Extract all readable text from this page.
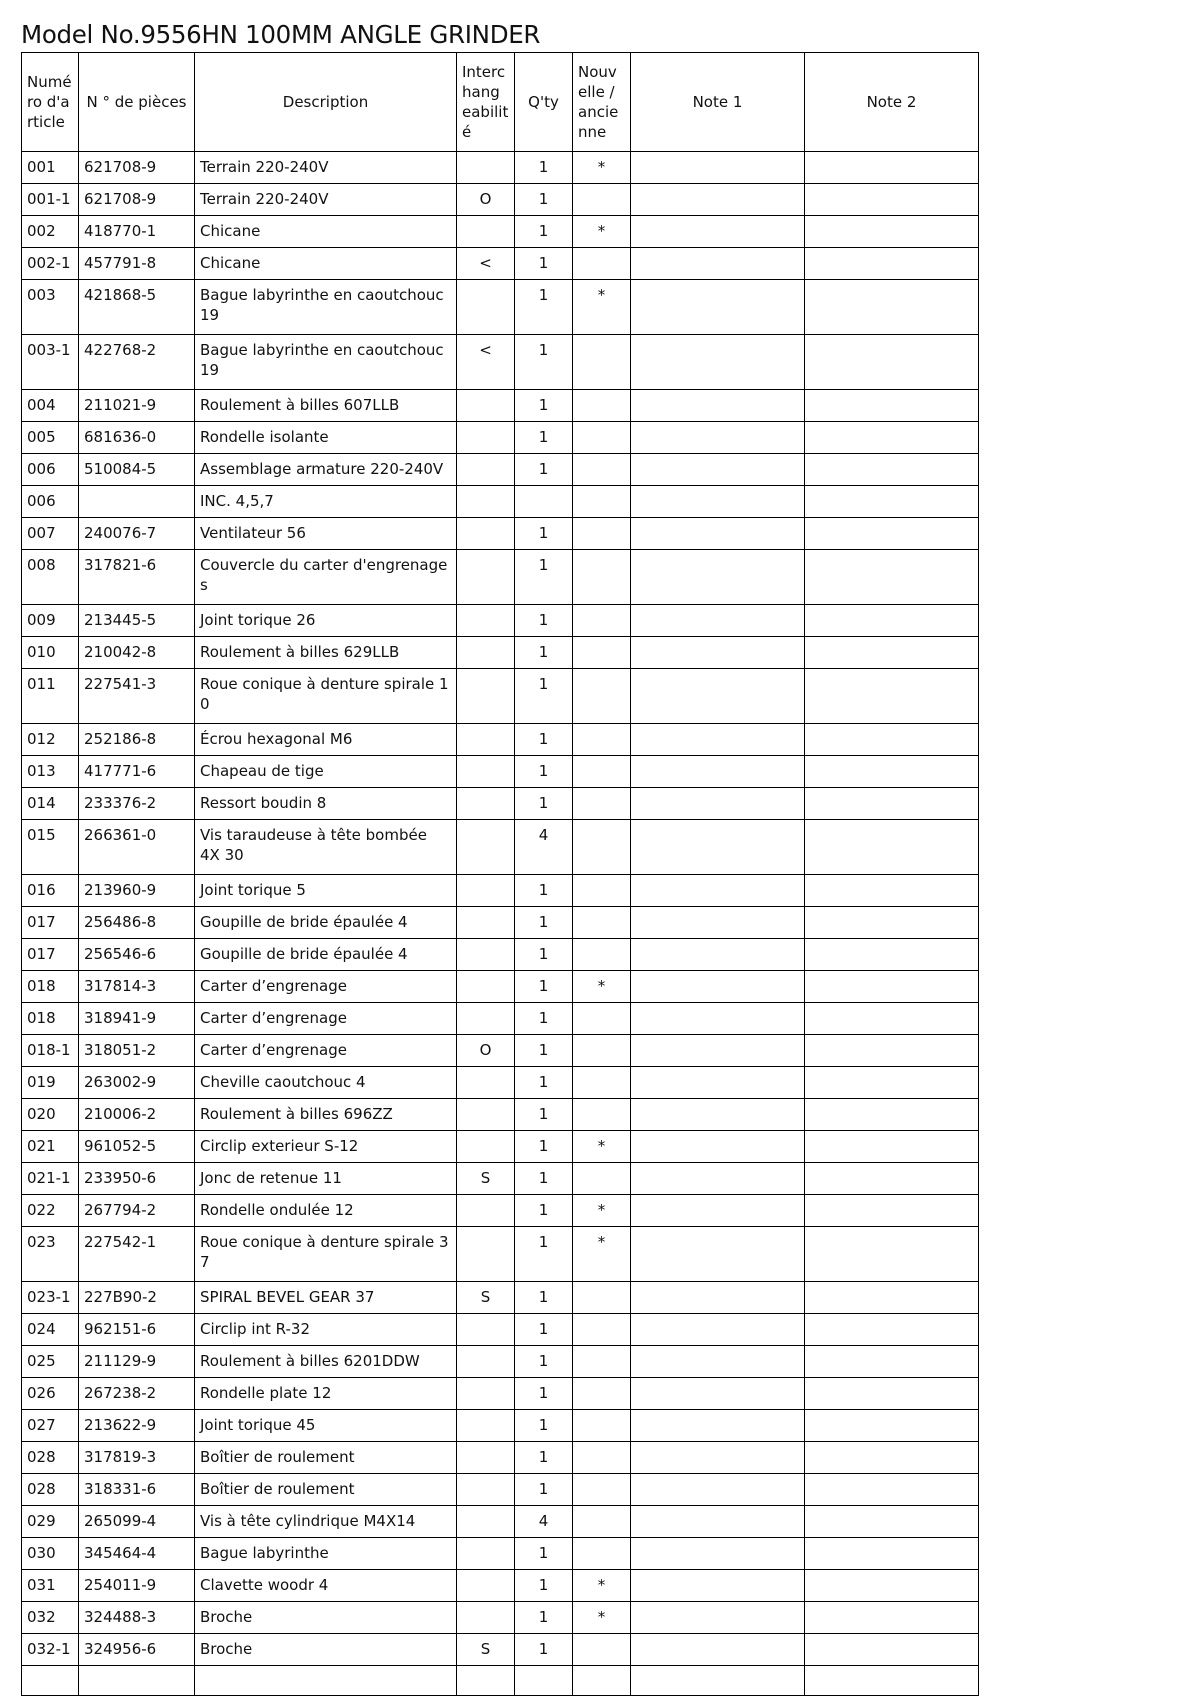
Model No.9556HN 100MM ANGLE GRINDER
Numé ro d'a rticle	N ° de pièces	Description	Interc hang eabilit é	Q'ty	Nouv elle / ancie nne	Note 1	Note 2
001	621708-9	Terrain 220-240V		1	*		
001-1	621708-9	Terrain 220-240V	O	1			
002	418770-1	Chicane		1	*		
002-1	457791-8	Chicane	<	1			
003	421868-5	Bague labyrinthe en caoutchouc 19		1	*		
003-1	422768-2	Bague labyrinthe en caoutchouc 19	<	1			
004	211021-9	Roulement à billes 607LLB		1			
005	681636-0	Rondelle isolante		1			
006	510084-5	Assemblage armature 220-240V		1			
006		INC. 4,5,7					
007	240076-7	Ventilateur 56		1			
008	317821-6	Couvercle du carter d'engrenage s		1			
009	213445-5	Joint torique 26		1			
010	210042-8	Roulement à billes 629LLB		1			
011	227541-3	Roue conique à denture spirale 1 0		1			
012	252186-8	Écrou hexagonal M6		1			
013	417771-6	Chapeau de tige		1			
014	233376-2	Ressort boudin 8		1			
015	266361-0	Vis taraudeuse à tête bombée 4X 30		4			
016	213960-9	Joint torique 5		1			
017	256486-8	Goupille de bride épaulée 4		1			
017	256546-6	Goupille de bride épaulée 4		1			
018	317814-3	Carter d’engrenage		1	*		
018	318941-9	Carter d’engrenage		1			
018-1	318051-2	Carter d’engrenage	O	1			
019	263002-9	Cheville caoutchouc 4		1			
020	210006-2	Roulement à billes 696ZZ		1			
021	961052-5	Circlip exterieur S-12		1	*		
021-1	233950-6	Jonc de retenue 11	S	1			
022	267794-2	Rondelle ondulée 12		1	*		
023	227542-1	Roue conique à denture spirale 3 7		1	*		
023-1	227B90-2	SPIRAL BEVEL GEAR 37	S	1			
024	962151-6	Circlip int R-32		1			
025	211129-9	Roulement à billes 6201DDW		1			
026	267238-2	Rondelle plate 12		1			
027	213622-9	Joint torique 45		1			
028	317819-3	Boîtier de roulement		1			
028	318331-6	Boîtier de roulement		1			
029	265099-4	Vis à tête cylindrique M4X14		4			
030	345464-4	Bague labyrinthe		1			
031	254011-9	Clavette woodr 4		1	*		
032	324488-3	Broche		1	*		
032-1	324956-6	Broche	S	1			
